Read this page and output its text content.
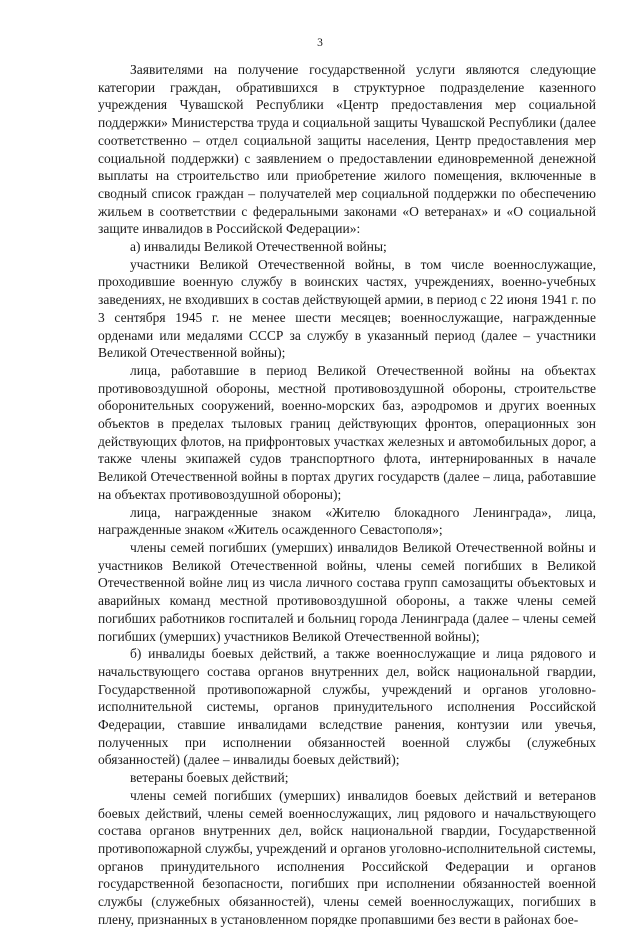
3

Заявителями на получение государственной услуги являются следующие категории граждан, обратившихся в структурное подразделение казенного учреждения Чувашской Республики «Центр предоставления мер социальной поддержки» Министерства труда и социальной защиты Чувашской Республики (далее соответственно – отдел социальной защиты населения, Центр предоставления мер социальной поддержки) с заявлением о предоставлении единовременной денежной выплаты на строительство или приобретение жилого помещения, включенные в сводный список граждан – получателей мер социальной поддержки по обеспечению жильем в соответствии с федеральными законами «О ветеранах» и «О социальной защите инвалидов в Российской Федерации»:

а) инвалиды Великой Отечественной войны;

участники Великой Отечественной войны, в том числе военнослужащие, проходившие военную службу в воинских частях, учреждениях, военно-учебных заведениях, не входивших в состав действующей армии, в период с 22 июня 1941 г. по 3 сентября 1945 г. не менее шести месяцев; военнослужащие, награжденные орденами или медалями СССР за службу в указанный период (далее – участники Великой Отечественной войны);

лица, работавшие в период Великой Отечественной войны на объектах противовоздушной обороны, местной противовоздушной обороны, строительстве оборонительных сооружений, военно-морских баз, аэродромов и других военных объектов в пределах тыловых границ действующих фронтов, операционных зон действующих флотов, на прифронтовых участках железных и автомобильных дорог, а также члены экипажей судов транспортного флота, интернированных в начале Великой Отечественной войны в портах других государств (далее – лица, работавшие на объектах противовоздушной обороны);

лица, награжденные знаком «Жителю блокадного Ленинграда», лица, награжденные знаком «Житель осажденного Севастополя»;

члены семей погибших (умерших) инвалидов Великой Отечественной войны и участников Великой Отечественной войны, члены семей погибших в Великой Отечественной войне лиц из числа личного состава групп самозащиты объектовых и аварийных команд местной противовоздушной обороны, а также члены семей погибших работников госпиталей и больниц города Ленинграда (далее – члены семей погибших (умерших) участников Великой Отечественной войны);

б) инвалиды боевых действий, а также военнослужащие и лица рядового и начальствующего состава органов внутренних дел, войск национальной гвардии, Государственной противопожарной службы, учреждений и органов уголовно-исполнительной системы, органов принудительного исполнения Российской Федерации, ставшие инвалидами вследствие ранения, контузии или увечья, полученных при исполнении обязанностей военной службы (служебных обязанностей) (далее – инвалиды боевых действий);

ветераны боевых действий;

члены семей погибших (умерших) инвалидов боевых действий и ветеранов боевых действий, члены семей военнослужащих, лиц рядового и начальствующего состава органов внутренних дел, войск национальной гвардии, Государственной противопожарной службы, учреждений и органов уголовно-исполнительной системы, органов принудительного исполнения Российской Федерации и органов государственной безопасности, погибших при исполнении обязанностей военной службы (служебных обязанностей), члены семей военнослужащих, погибших в плену, признанных в установленном порядке пропавшими без вести в районах бое-
